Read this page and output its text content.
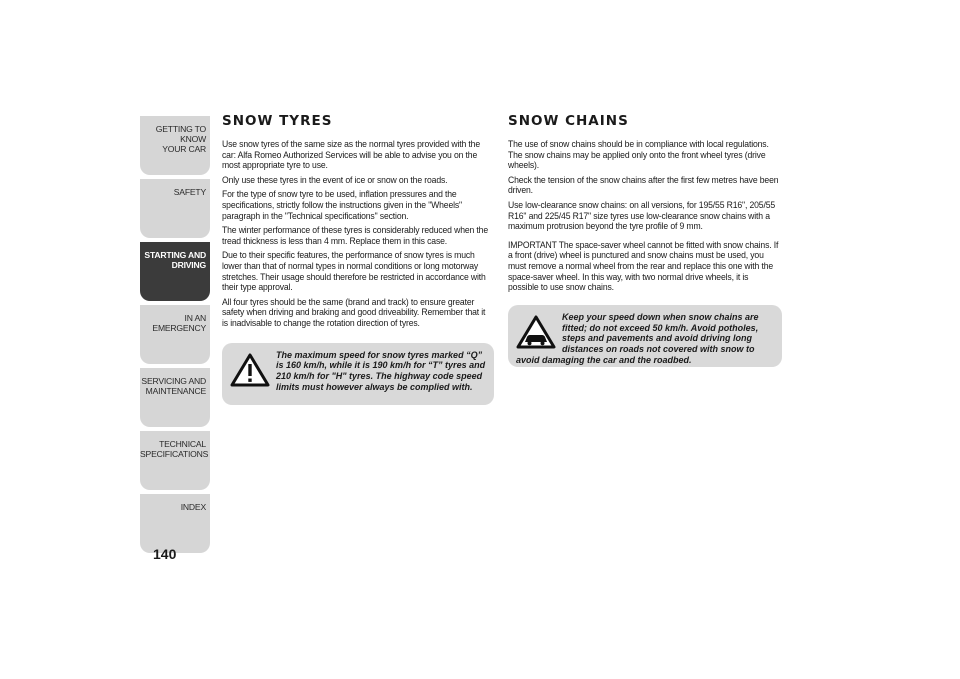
GETTING TO KNOW
YOUR CAR
SAFETY
STARTING AND
DRIVING
IN AN EMERGENCY
SERVICING AND
MAINTENANCE
TECHNICAL
SPECIFICATIONS
INDEX
140
SNOW TYRES

Use snow tyres of the same size as the normal tyres provided with the car: Alfa Romeo Authorized Services will be able to advise you on the most appropriate tyre to use.

Only use these tyres in the event of ice or snow on the roads.

For the type of snow tyre to be used, inflation pressures and the specifications, strictly follow the instructions given in the "Wheels" paragraph in the "Technical specifications" section.

The winter performance of these tyres is considerably reduced when the tread thickness is less than 4 mm. Replace them in this case.

Due to their specific features, the performance of snow tyres is much lower than that of normal types in normal conditions or long motorway stretches. Their usage should therefore be restricted in accordance with their type approval.

All four tyres should be the same (brand and track) to ensure greater safety when driving and braking and good driveability. Remember that it is inadvisable to change the rotation direction of tyres.

The maximum speed for snow tyres marked “Q” is 160 km/h, while it is 190 km/h for “T” tyres and 210 km/h for "H" tyres. The highway code speed limits must however always be complied with.
SNOW CHAINS

The use of snow chains should be in compliance with local regulations. The snow chains may be applied only onto the front wheel tyres (drive wheels).

Check the tension of the snow chains after the first few metres have been driven.

Use low-clearance snow chains: on all versions, for 195/55 R16", 205/55 R16" and 225/45 R17" size tyres use low-clearance snow chains with a maximum protrusion beyond the tyre profile of 9 mm.

IMPORTANT The space-saver wheel cannot be fitted with snow chains. If a front (drive) wheel is punctured and snow chains must be used, you must remove a normal wheel from the rear and replace this one with the space-saver wheel. In this way, with two normal drive wheels, it is possible to use snow chains.

Keep your speed down when snow chains are fitted; do not exceed 50 km/h. Avoid potholes, steps and pavements and avoid driving long distances on roads not covered with snow to avoid damaging the car and the roadbed.
